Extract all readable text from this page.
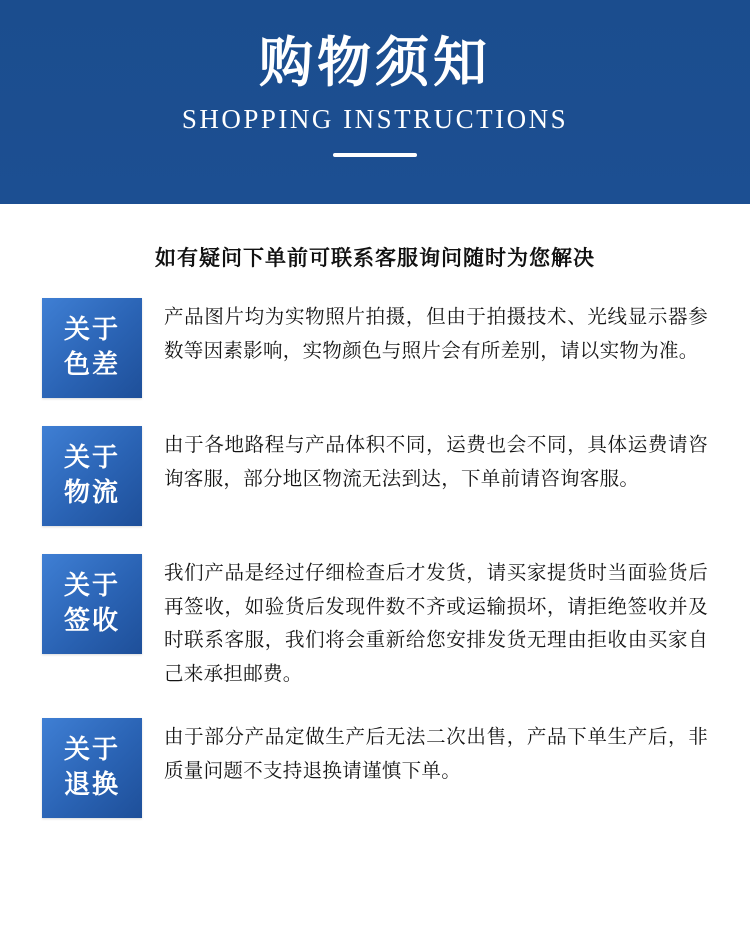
购物须知
SHOPPING INSTRUCTIONS
如有疑问下单前可联系客服询问随时为您解决
关于
色差
产品图片均为实物照片拍摄，但由于拍摄技术、光线显示器参数等因素影响，实物颜色与照片会有所差别，请以实物为准。
关于
物流
由于各地路程与产品体积不同，运费也会不同，具体运费请咨询客服，部分地区物流无法到达，下单前请咨询客服。
关于
签收
我们产品是经过仔细检查后才发货，请买家提货时当面验货后再签收，如验货后发现件数不齐或运输损坏，请拒绝签收并及时联系客服，我们将会重新给您安排发货无理由拒收由买家自己来承担邮费。
关于
退换
由于部分产品定做生产后无法二次出售，产品下单生产后，非质量问题不支持退换请谨慎下单。
